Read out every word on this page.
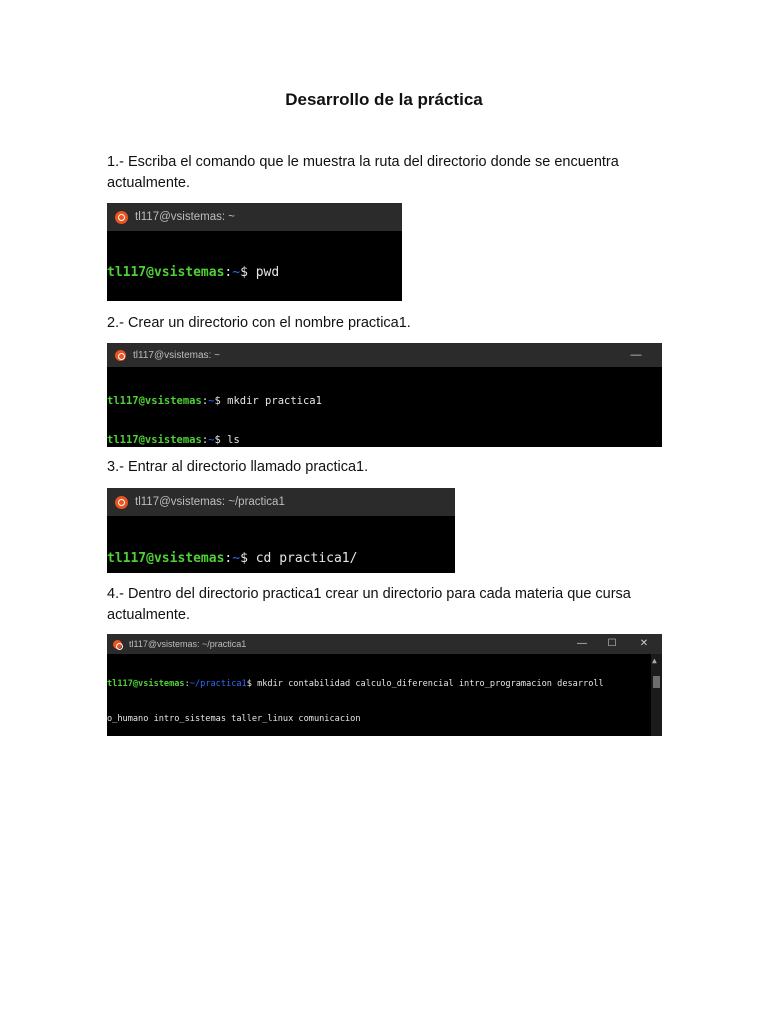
Desarrollo de la práctica
1.- Escriba el comando que le muestra la ruta del directorio donde se encuentra actualmente.
tl117@vsistemas: ~

tl117@vsistemas:~$ pwd

2.- Crear un directorio con el nombre practica1.
tl117@vsistemas: ~	—

tl117@vsistemas:~$ mkdir practica1

tl117@vsistemas:~$ ls

3.- Entrar al directorio llamado practica1.
tl117@vsistemas: ~/practica1

tl117@vsistemas:~$ cd practica1/

4.- Dentro del directorio practica1 crear un directorio para cada materia que cursa actualmente.
tl117@vsistemas: ~/practica1	—	☐	✕
▲

tl117@vsistemas:~/practica1$ mkdir contabilidad calculo_diferencial intro_programacion desarroll

o_humano intro_sistemas taller_linux comunicacion
